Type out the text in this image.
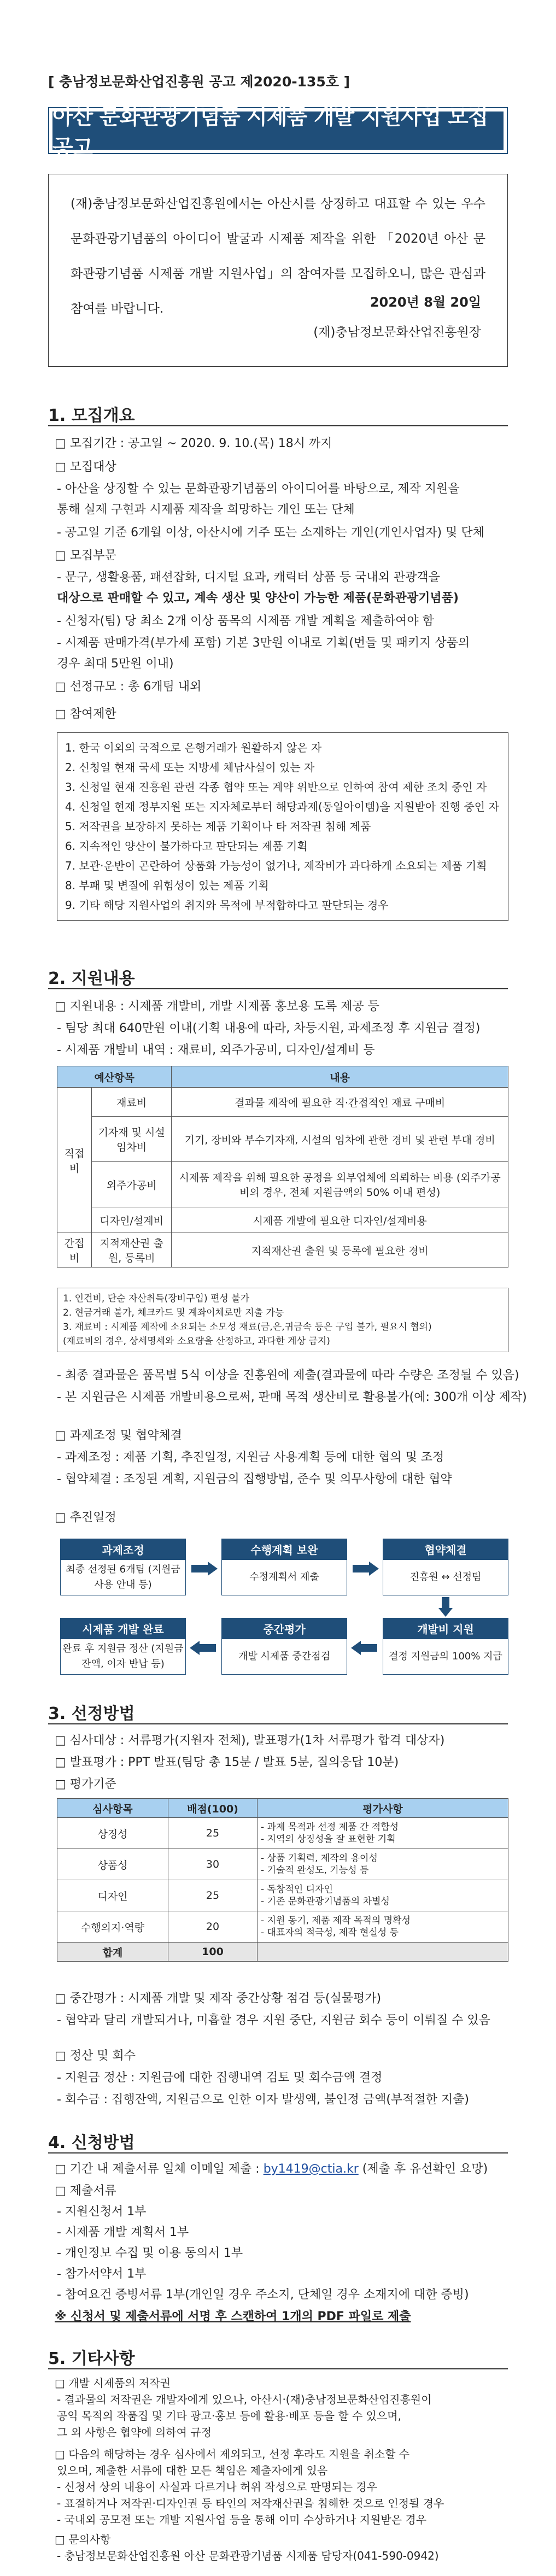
[ 충남정보문화산업진흥원 공고 제2020-135호 ]
아산 문화관광기념품 시제품 개발 지원사업 모집공고

(재)충남정보문화산업진흥원에서는 아산시를 상징하고 대표할 수 있는 우수 문화관광기념품의 아이디어 발굴과 시제품 제작을 위한 「2020년 아산 문화관광기념품 시제품 개발 지원사업」의 참여자를 모집하오니, 많은 관심과 참여를 바랍니다.	2020년 8월 20일
(재)충남정보문화산업진흥원장
1. 모집개요
□ 모집기간 : 공고일 ~ 2020. 9. 10.(목) 18시 까지
□ 모집대상
- 아산을 상징할 수 있는 문화관광기념품의 아이디어를 바탕으로, 제작 지원을
통해 실제 구현과 시제품 제작을 희망하는 개인 또는 단체
- 공고일 기준 6개월 이상, 아산시에 거주 또는 소재하는 개인(개인사업자) 및 단체
□ 모집부문
- 문구, 생활용품, 패션잡화, 디지털 요과, 캐릭터 상품 등 국내외 관광객을
대상으로 판매할 수 있고, 계속 생산 및 양산이 가능한 제품(문화관광기념품)
- 신청자(팀) 당 최소 2개 이상 품목의 시제품 개발 계획을 제출하여야 함
- 시제품 판매가격(부가세 포함) 기본 3만원 이내로 기획(번들 및 패키지 상품의
경우 최대 5만원 이내)
□ 선정규모 : 총 6개팀 내외
□ 참여제한
1. 한국 이외의 국적으로 은행거래가 원활하지 않은 자
2. 신청일 현재 국세 또는 지방세 체납사실이 있는 자
3. 신청일 현재 진흥원 관련 각종 협약 또는 계약 위반으로 인하여 참여 제한 조치 중인 자
4. 신청일 현재 정부지원 또는 지자체로부터 해당과제(동일아이템)을 지원받아 진행 중인 자
5. 저작권을 보장하지 못하는 제품 기획이나 타 저작권 침해 제품
6. 지속적인 양산이 불가하다고 판단되는 제품 기획
7. 보관·운반이 곤란하여 상품화 가능성이 없거나, 제작비가 과다하게 소요되는 제품 기획
8. 부패 및 변질에 위험성이 있는 제품 기획
9. 기타 해당 지원사업의 취지와 목적에 부적합하다고 판단되는 경우
2. 지원내용
□ 지원내용 : 시제품 개발비, 개발 시제품 홍보용 도록 제공 등
- 팀당 최대 640만원 이내(기획 내용에 따라, 차등지원, 과제조정 후 지원금 결정)
- 시제품 개발비 내역 : 재료비, 외주가공비, 디자인/설계비 등
예산항목		내용
직접비	재료비	결과물 제작에 필요한 직·간접적인 재료 구매비
	기자재 및 시설 임차비	기기, 장비와 부수기자재, 시설의 임차에 관한 경비 및 관련 부대 경비
	외주가공비	시제품 제작을 위해 필요한 공정을 외부업체에 의뢰하는 비용 (외주가공비의 경우, 전체 지원금액의 50% 이내 편성)
	디자인/설계비	시제품 개발에 필요한 디자인/설계비용
간접비	지적재산권 출원, 등록비	지적재산권 출원 및 등록에 필요한 경비
1. 인건비, 단순 자산취득(장비구입) 편성 불가
2. 현금거래 불가, 체크카드 및 계좌이체로만 지출 가능
3. 재료비 : 시제품 제작에 소요되는 소모성 재료(금,은,귀금속 등은 구입 불가, 필요시 협의)
(재료비의 경우, 상세명세와 소요량을 산정하고, 과다한 계상 금지)
- 최종 결과물은 품목별 5식 이상을 진흥원에 제출(결과물에 따라 수량은 조정될 수 있음)
- 본 지원금은 시제품 개발비용으로써, 판매 목적 생산비로 활용불가(예: 300개 이상 제작)
□ 과제조정 및 협약체결
- 과제조정 : 제품 기획, 추진일정, 지원금 사용계획 등에 대한 협의 및 조정
- 협약체결 : 조정된 계획, 지원금의 집행방법, 준수 및 의무사항에 대한 협약
□ 추진일정
과제조정
최종 선정된 6개팀 (지원금 사용 안내 등)
수행계획 보완
수정계획서 제출
협약체결
진흥원 ↔ 선정팀
시제품 개발 완료
완료 후 지원금 정산 (지원금 잔액, 이자 반납 등)
중간평가
개발 시제품 중간점검
개발비 지원
결정 지원금의 100% 지급
3. 선정방법
□ 심사대상 : 서류평가(지원자 전체), 발표평가(1차 서류평가 합격 대상자)
□ 발표평가 : PPT 발표(팀당 총 15분 / 발표 5분, 질의응답 10분)
□ 평가기준
심사항목	배점(100)	평가사항
상징성	25	- 과제 목적과 선정 제품 간 적합성
- 지역의 상징성을 잘 표현한 기획
상품성	30	- 상품 기획력, 제작의 용이성
- 기술적 완성도, 기능성 등
디자인	25	- 독창적인 디자인
- 기존 문화관광기념품의 차별성
수행의지·역량	20	- 지원 동기, 제품 제작 목적의 명확성
- 대표자의 적극성, 제작 현실성 등
합계	100	
□ 중간평가 : 시제품 개발 및 제작 중간상황 점검 등(실물평가)
- 협약과 달리 개발되거나, 미흡할 경우 지원 중단, 지원금 회수 등이 이뤄질 수 있음
□ 정산 및 회수
- 지원금 정산 : 지원금에 대한 집행내역 검토 및 회수금액 결정
- 회수금 : 집행잔액, 지원금으로 인한 이자 발생액, 불인정 금액(부적절한 지출)
4. 신청방법
□ 기간 내 제출서류 일체 이메일 제출 : by1419@ctia.kr (제출 후 유선확인 요망)
□ 제출서류
- 지원신청서 1부
- 시제품 개발 계획서 1부
- 개인정보 수집 및 이용 동의서 1부
- 참가서약서 1부
- 참여요건 증빙서류 1부(개인일 경우 주소지, 단체일 경우 소재지에 대한 증빙)
※ 신청서 및 제출서류에 서명 후 스캔하여 1개의 PDF 파일로 제출
5. 기타사항
□ 개발 시제품의 저작권
- 결과물의 저작권은 개발자에게 있으나, 아산시·(재)충남정보문화산업진흥원이
공익 목적의 작품집 및 기타 광고·홍보 등에 활용·배포 등을 할 수 있으며,
그 외 사항은 협약에 의하여 규정
□ 다음의 해당하는 경우 심사에서 제외되고, 선정 후라도 지원을 취소할 수
있으며, 제출한 서류에 대한 모든 책임은 제출자에게 있음
- 신청서 상의 내용이 사실과 다르거나 허위 작성으로 판명되는 경우
- 표절하거나 저작권·디자인권 등 타인의 저작재산권을 침해한 것으로 인정될 경우
- 국내외 공모전 또는 개발 지원사업 등을 통해 이미 수상하거나 지원받은 경우
□ 문의사항
- 충남정보문화산업진흥원 아산 문화관광기념품 시제품 담당자(041-590-0942)
